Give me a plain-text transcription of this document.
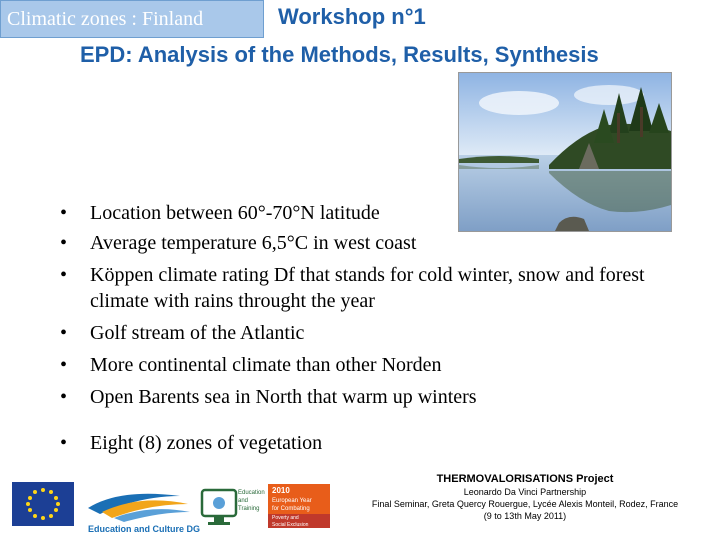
Climatic zones : Finland	Workshop n°1
EPD: Analysis of the Methods, Results, Synthesis
• Location between 60°-70°N latitude
• Average temperature 6,5°C in west coast
• Köppen climate rating Df that stands for cold winter, snow and forest climate with rains throught the year
• Golf stream of the Atlantic
• More continental climate than other Norden
• Open Barents sea in North that warm up winters
• Eight (8) zones of vegetation
Education and Culture DG
Education
and
Training
2010
European Year
for Combating
Poverty and
Social Exclusion
THERMOVALORISATIONS Project
Leonardo Da Vinci Partnership
Final Seminar, Greta Quercy Rouergue, Lycée Alexis Monteil, Rodez, France
(9 to 13th May 2011)
